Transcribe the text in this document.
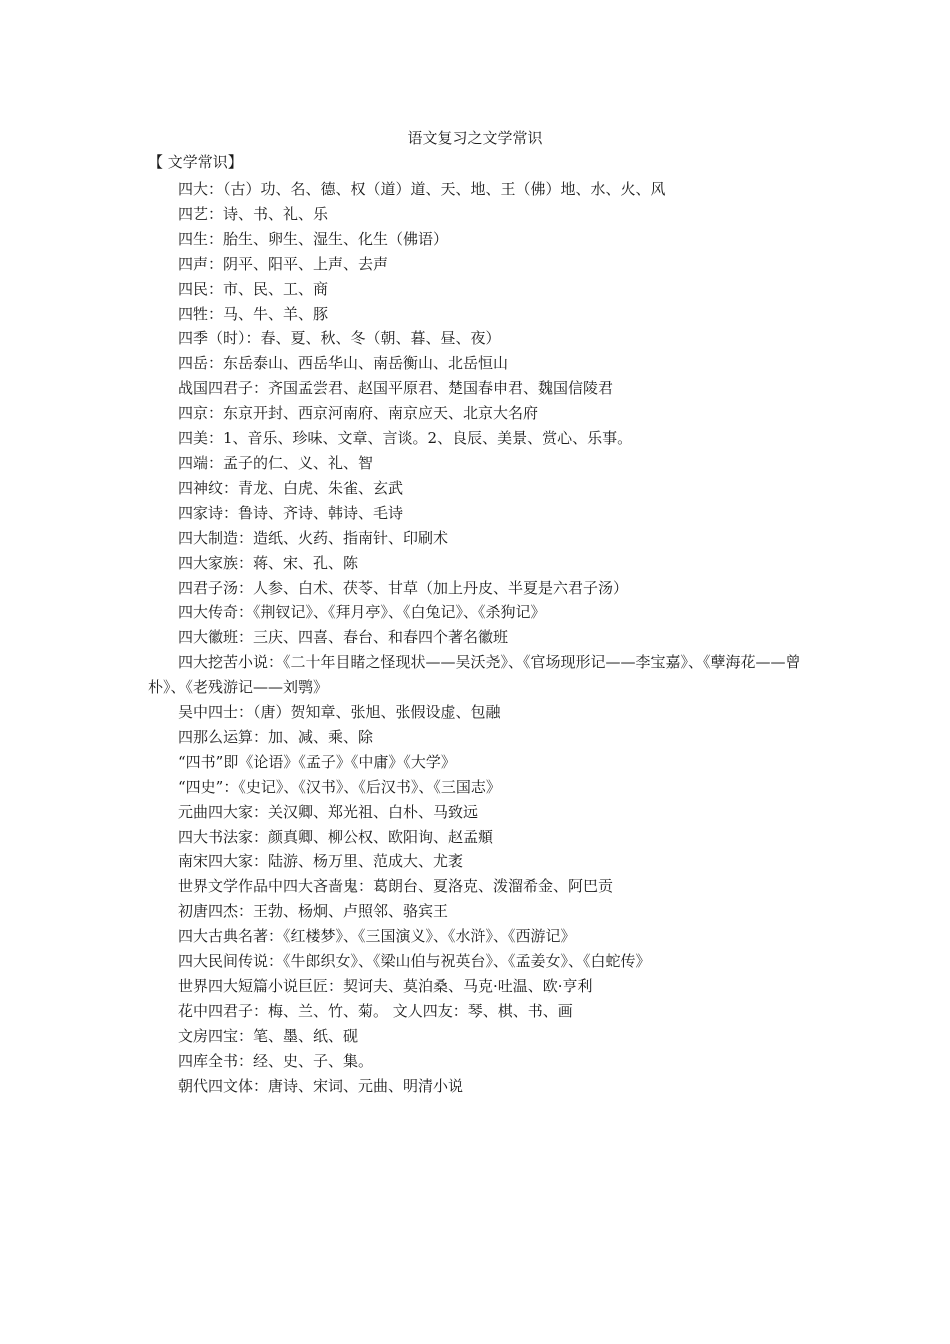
语文复习之文学常识
【 文学常识】
四大：（古）功、名、德、权（道）道、天、地、王（佛）地、水、火、风
四艺：诗、书、礼、乐
四生：胎生、卵生、湿生、化生（佛语）
四声：阴平、阳平、上声、去声
四民：市、民、工、商
四牲：马、牛、羊、豚
四季（时）：春、夏、秋、冬（朝、暮、昼、夜）
四岳：东岳泰山、西岳华山、南岳衡山、北岳恒山
战国四君子：齐国孟尝君、赵国平原君、楚国春申君、魏国信陵君
四京：东京开封、西京河南府、南京应天、北京大名府
四美：1、音乐、珍味、文章、言谈。2、良辰、美景、赏心、乐事。
四端：孟子的仁、义、礼、智
四神纹：青龙、白虎、朱雀、玄武
四家诗：鲁诗、齐诗、韩诗、毛诗
四大制造：造纸、火药、指南针、印刷术
四大家族：蒋、宋、孔、陈
四君子汤：人参、白术、茯苓、甘草（加上丹皮、半夏是六君子汤）
四大传奇：《荆钗记》、《拜月亭》、《白兔记》、《杀狗记》
四大徽班：三庆、四喜、春台、和春四个著名徽班
四大挖苦小说：《二十年目睹之怪现状——吴沃尧》、《官场现形记——李宝嘉》、《孽海花——曾朴》、《老残游记——刘鹗》
吴中四士：（唐）贺知章、张旭、张假设虚、包融
四那么运算：加、减、乘、除
“四书”即《论语》《孟子》《中庸》《大学》
“四史”：《史记》、《汉书》、《后汉书》、《三国志》
元曲四大家：关汉卿、郑光祖、白朴、马致远
四大书法家：颜真卿、柳公权、欧阳询、赵孟頫
南宋四大家：陆游、杨万里、范成大、尤袤
世界文学作品中四大吝啬鬼：葛朗台、夏洛克、泼溜希金、阿巴贡
初唐四杰：王勃、杨炯、卢照邻、骆宾王
四大古典名著：《红楼梦》、《三国演义》、《水浒》、《西游记》
四大民间传说：《牛郎织女》、《梁山伯与祝英台》、《孟姜女》、《白蛇传》
世界四大短篇小说巨匠：契诃夫、莫泊桑、马克·吐温、欧·亨利
花中四君子：梅、兰、竹、菊。 文人四友：琴、棋、书、画
文房四宝：笔、墨、纸、砚
四库全书：经、史、子、集。
朝代四文体：唐诗、宋词、元曲、明清小说
